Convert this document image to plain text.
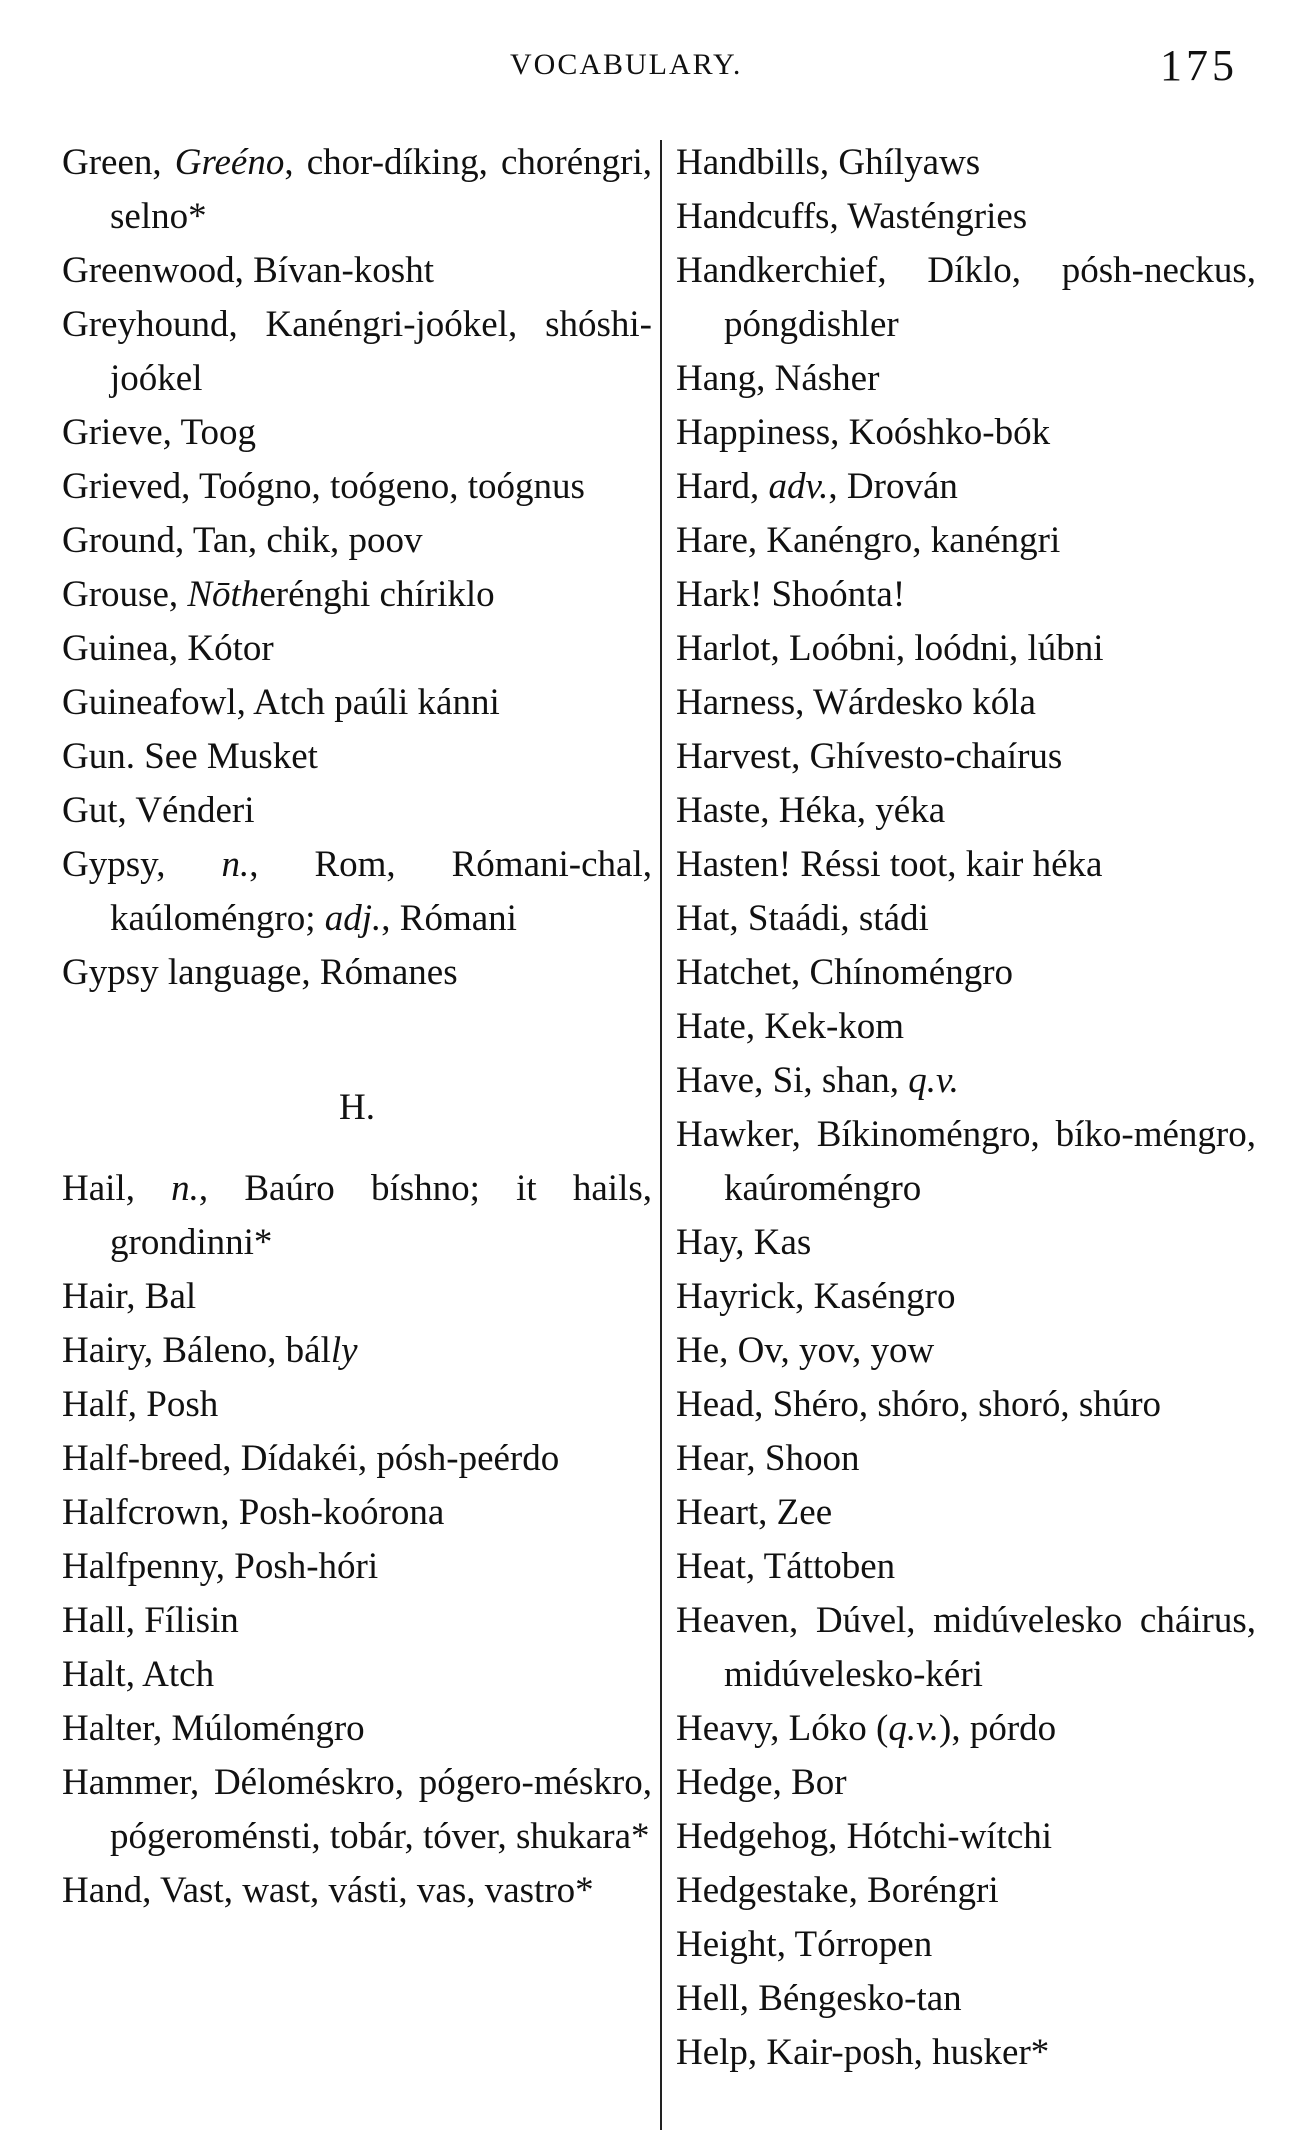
VOCABULARY.	175
Green, Greéno, chor-díking, choréngri, selno*
Greenwood, Bívan-kosht
Greyhound, Kanéngri-joókel, shóshi-joókel
Grieve, Toog
Grieved, Toógno, toógeno, toógnus
Ground, Tan, chik, poov
Grouse, Nōtherénghi chíriklo
Guinea, Kótor
Guineafowl, Atch paúli kánni
Gun. See Musket
Gut, Vénderi
Gypsy, n., Rom, Rómani-chal, kaúloméngro; adj., Rómani
Gypsy language, Rómanes
H.
Hail, n., Baúro bíshno; it hails, grondinni*
Hair, Bal
Hairy, Báleno, bálly
Half, Posh
Half-breed, Dídakéi, pósh-peérdo
Halfcrown, Posh-koórona
Halfpenny, Posh-hóri
Hall, Fílisin
Halt, Atch
Halter, Múloméngro
Hammer, Déloméskro, pógero-méskro, pógeroménsti, tobár, tóver, shukara*
Hand, Vast, wast, vásti, vas, vastro*
Handbills, Ghílyaws
Handcuffs, Wasténgries
Handkerchief, Díklo, pósh-neckus, póngdishler
Hang, Násher
Happiness, Koóshko-bók
Hard, adv., Drován
Hare, Kanéngro, kanéngri
Hark! Shoónta!
Harlot, Loóbni, loódni, lúbni
Harness, Wárdesko kóla
Harvest, Ghívesto-chaírus
Haste, Héka, yéka
Hasten! Réssi toot, kair héka
Hat, Staádi, stádi
Hatchet, Chínoméngro
Hate, Kek-kom
Have, Si, shan, q.v.
Hawker, Bíkinoméngro, bíko-méngro, kaúroméngro
Hay, Kas
Hayrick, Kaséngro
He, Ov, yov, yow
Head, Shéro, shóro, shoró, shúro
Hear, Shoon
Heart, Zee
Heat, Táttoben
Heaven, Dúvel, midúvelesko cháirus, midúvelesko-kéri
Heavy, Lóko (q.v.), pórdo
Hedge, Bor
Hedgehog, Hótchi-wítchi
Hedgestake, Boréngri
Height, Tórropen
Hell, Béngesko-tan
Help, Kair-posh, husker*
